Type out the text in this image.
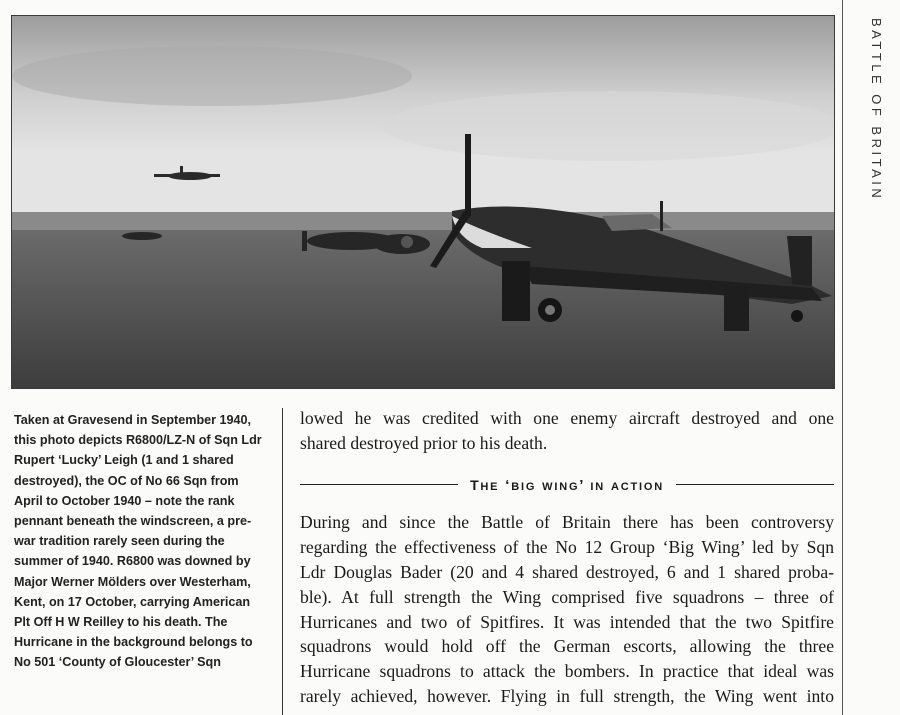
BATTLE OF BRITAIN

Taken at Gravesend in September 1940, this photo depicts R6800/LZ-N of Sqn Ldr Rupert ‘Lucky’ Leigh (1 and 1 shared destroyed), the OC of No 66 Sqn from April to October 1940 – note the rank pennant beneath the windscreen, a pre-war tradition rarely seen during the summer of 1940. R6800 was downed by Major Werner Mölders over Westerham, Kent, on 17 October, carrying American Plt Off H W Reilley to his death. The Hurricane in the background belongs to No 501 ‘County of Gloucester’ Sqn

lowed he was credited with one enemy aircraft destroyed and one
shared destroyed prior to his death.

the ‘big wing’ in action

During and since the Battle of Britain there has been controversy
regarding the effectiveness of the No 12 Group ‘Big Wing’ led by Sqn
Ldr Douglas Bader (20 and 4 shared destroyed, 6 and 1 shared proba-
ble). At full strength the Wing comprised five squadrons – three of
Hurricanes and two of Spitfires. It was intended that the two Spitfire
squadrons would hold off the German escorts, allowing the three
Hurricane squadrons to attack the bombers. In practice that ideal was
rarely achieved, however. Flying in full strength, the Wing went into
